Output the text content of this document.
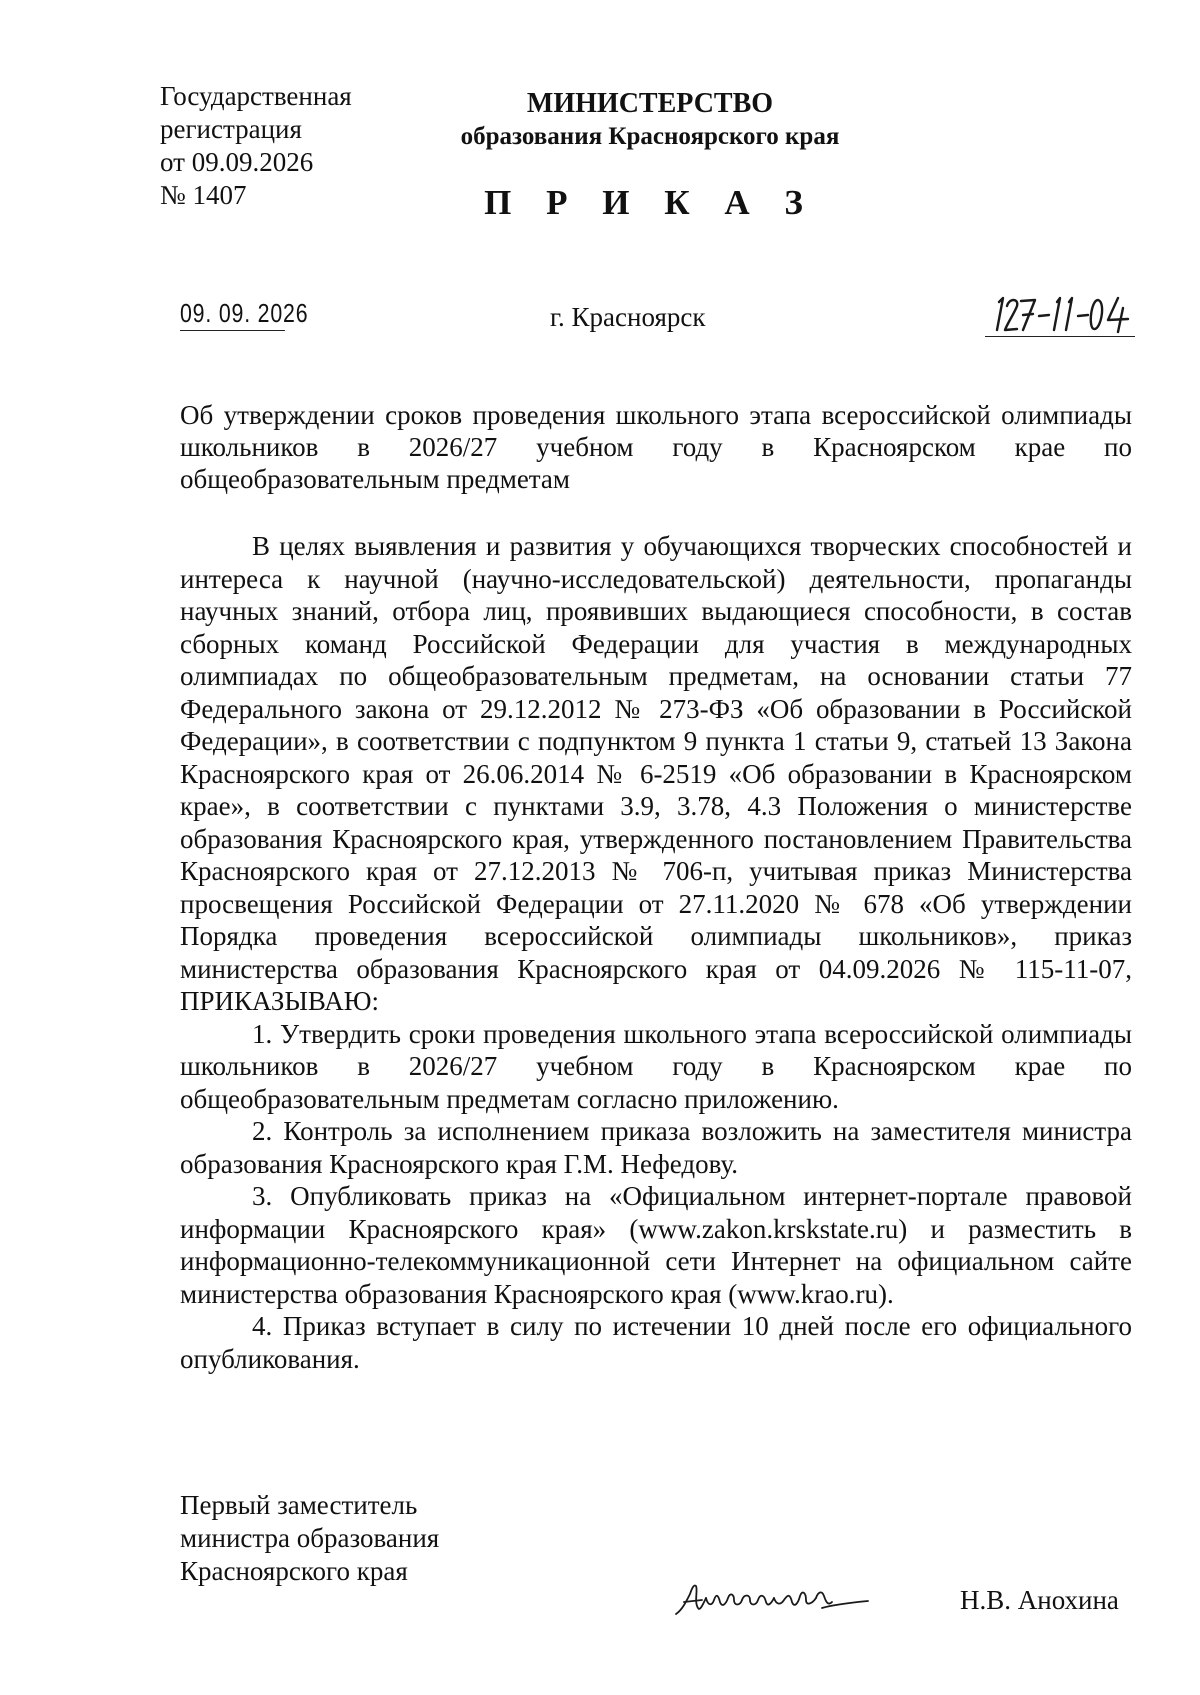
Государственная
регистрация
от 09.09.2026
№ 1407
МИНИСТЕРСТВО
образования Красноярского края
П Р И К А З
09. 09. 2026	г. Красноярск
Об утверждении сроков проведения школьного этапа всероссийской олимпиады школьников в 2026/27 учебном году в Красноярском крае по общеобразовательным предметам

В целях выявления и развития у обучающихся творческих способностей и интереса к научной (научно-исследовательской) деятельности, пропаганды научных знаний, отбора лиц, проявивших выдающиеся способности, в состав сборных команд Российской Федерации для участия в международных олимпиадах по общеобразовательным предметам, на основании статьи 77 Федерального закона от 29.12.2012 № 273-ФЗ «Об образовании в Российской Федерации», в соответствии с подпунктом 9 пункта 1 статьи 9, статьей 13 Закона Красноярского края от 26.06.2014 № 6-2519 «Об образовании в Красноярском крае», в соответствии с пунктами 3.9, 3.78, 4.3 Положения о министерстве образования Красноярского края, утвержденного постановлением Правительства Красноярского края от 27.12.2013 № 706-п, учитывая приказ Министерства просвещения Российской Федерации от 27.11.2020 № 678 «Об утверждении Порядка проведения всероссийской олимпиады школьников», приказ министерства образования Красноярского края от 04.09.2026 № 115-11-07, ПРИКАЗЫВАЮ:

1. Утвердить сроки проведения школьного этапа всероссийской олимпиады школьников в 2026/27 учебном году в Красноярском крае по общеобразовательным предметам согласно приложению.

2. Контроль за исполнением приказа возложить на заместителя министра образования Красноярского края Г.М. Нефедову.

3. Опубликовать приказ на «Официальном интернет-портале правовой информации Красноярского края» (www.zakon.krskstate.ru) и разместить в информационно-телекоммуникационной сети Интернет на официальном сайте министерства образования Красноярского края (www.krao.ru).

4. Приказ вступает в силу по истечении 10 дней после его официального опубликования.

Первый заместитель
министра образования
Красноярского края
Н.В. Анохина
